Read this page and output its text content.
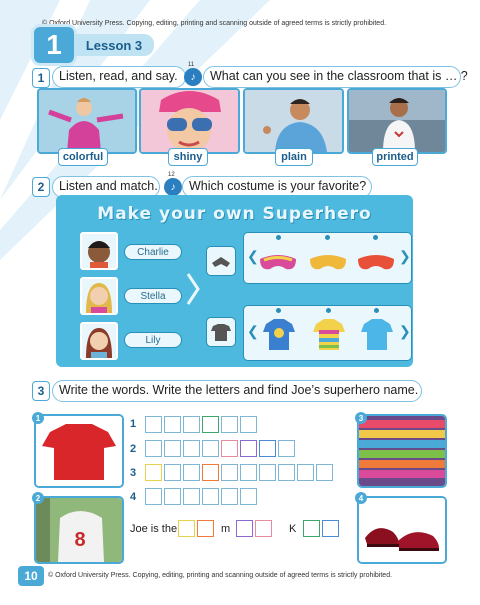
© Oxford University Press. Copying, editing, printing and scanning outside of agreed terms is strictly prohibited.
1	Lesson 3
1	Listen, read, and say.
11
♪	What can you see in the classroom that is … ?
colorful	shiny	plain	printed
2	Listen and match.
12
♪	Which costume is your favorite?
Make your own Superhero
Charlie
Stella
Lily
❮	❯
❮	❯
3	Write the words. Write the letters and find Joe’s superhero name.
1
8
2
3
4
1
2
3
4
Joe is the	m	K
10	© Oxford University Press. Copying, editing, printing and scanning outside of agreed terms is strictly prohibited.
